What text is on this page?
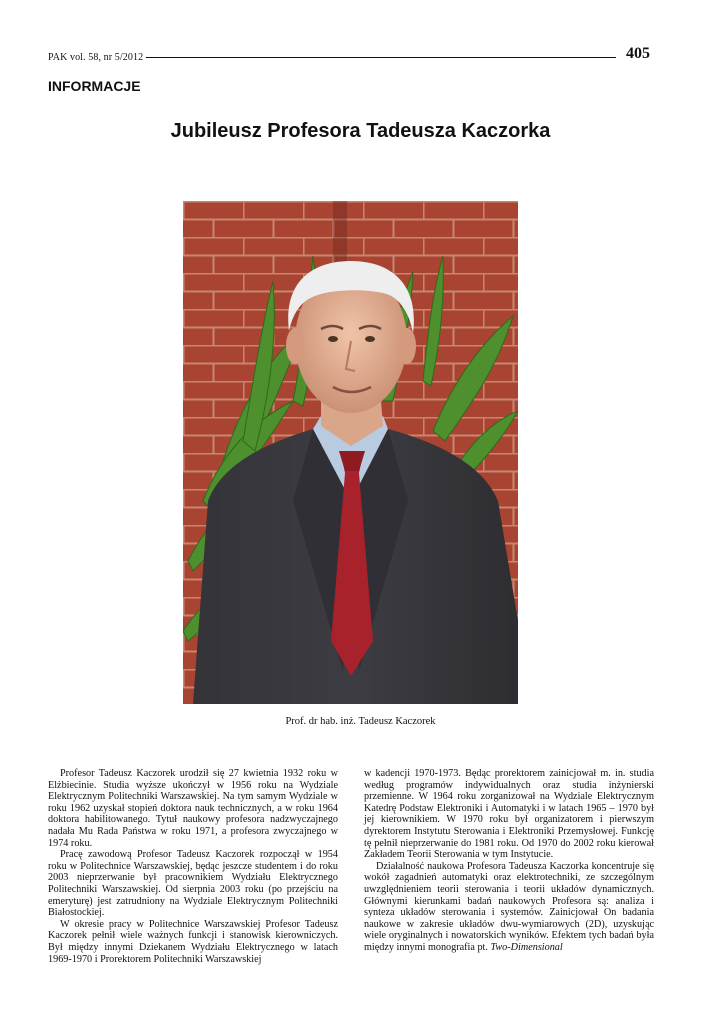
PAK vol. 58, nr 5/2012	405
INFORMACJE
Jubileusz Profesora Tadeusza Kaczorka
Prof. dr hab. inż. Tadeusz Kaczorek

Profesor Tadeusz Kaczorek urodził się 27 kwietnia 1932 roku w Elżbiecinie. Studia wyższe ukończył w 1956 roku na Wydziale Elektrycznym Politechniki Warszawskiej. Na tym samym Wydziale w roku 1962 uzyskał stopień doktora nauk technicznych, a w roku 1964 doktora habilitowanego. Tytuł naukowy profesora nadzwyczajnego nadała Mu Rada Państwa w roku 1971, a profesora zwyczajnego w 1974 roku.

Pracę zawodową Profesor Tadeusz Kaczorek rozpoczął w 1954 roku w Politechnice Warszawskiej, będąc jeszcze studentem i do roku 2003 nieprzerwanie był pracownikiem Wydziału Elektrycznego Politechniki Warszawskiej. Od sierpnia 2003 roku (po przejściu na emeryturę) jest zatrudniony na Wydziale Elektrycznym Politechniki Białostockiej.

W okresie pracy w Politechnice Warszawskiej Profesor Tadeusz Kaczorek pełnił wiele ważnych funkcji i stanowisk kierowniczych. Był między innymi Dziekanem Wydziału Elektrycznego w latach 1969-1970 i Prorektorem Politechniki Warszawskiej

w kadencji 1970-1973. Będąc prorektorem zainicjował m. in. studia według programów indywidualnych oraz studia inżynierski przemienne. W 1964 roku zorganizował na Wydziale Elektrycznym Katedrę Podstaw Elektroniki i Automatyki i w latach 1965 – 1970 był jej kierownikiem. W 1970 roku był organizatorem i pierwszym dyrektorem Instytutu Sterowania i Elektroniki Przemysłowej. Funkcję tę pełnił nieprzerwanie do 1981 roku. Od 1970 do 2002 roku kierował Zakładem Teorii Sterowania w tym Instytucie.

Działalność naukowa Profesora Tadeusza Kaczorka koncentruje się wokół zagadnień automatyki oraz elektrotechniki, ze szczególnym uwzględnieniem teorii sterowania i teorii układów dynamicznych. Głównymi kierunkami badań naukowych Profesora są: analiza i synteza układów sterowania i systemów. Zainicjował On badania naukowe w zakresie układów dwu-wymiarowych (2D), uzyskując wiele oryginalnych i nowatorskich wyników. Efektem tych badań była między innymi monografia pt. Two-Dimensional
